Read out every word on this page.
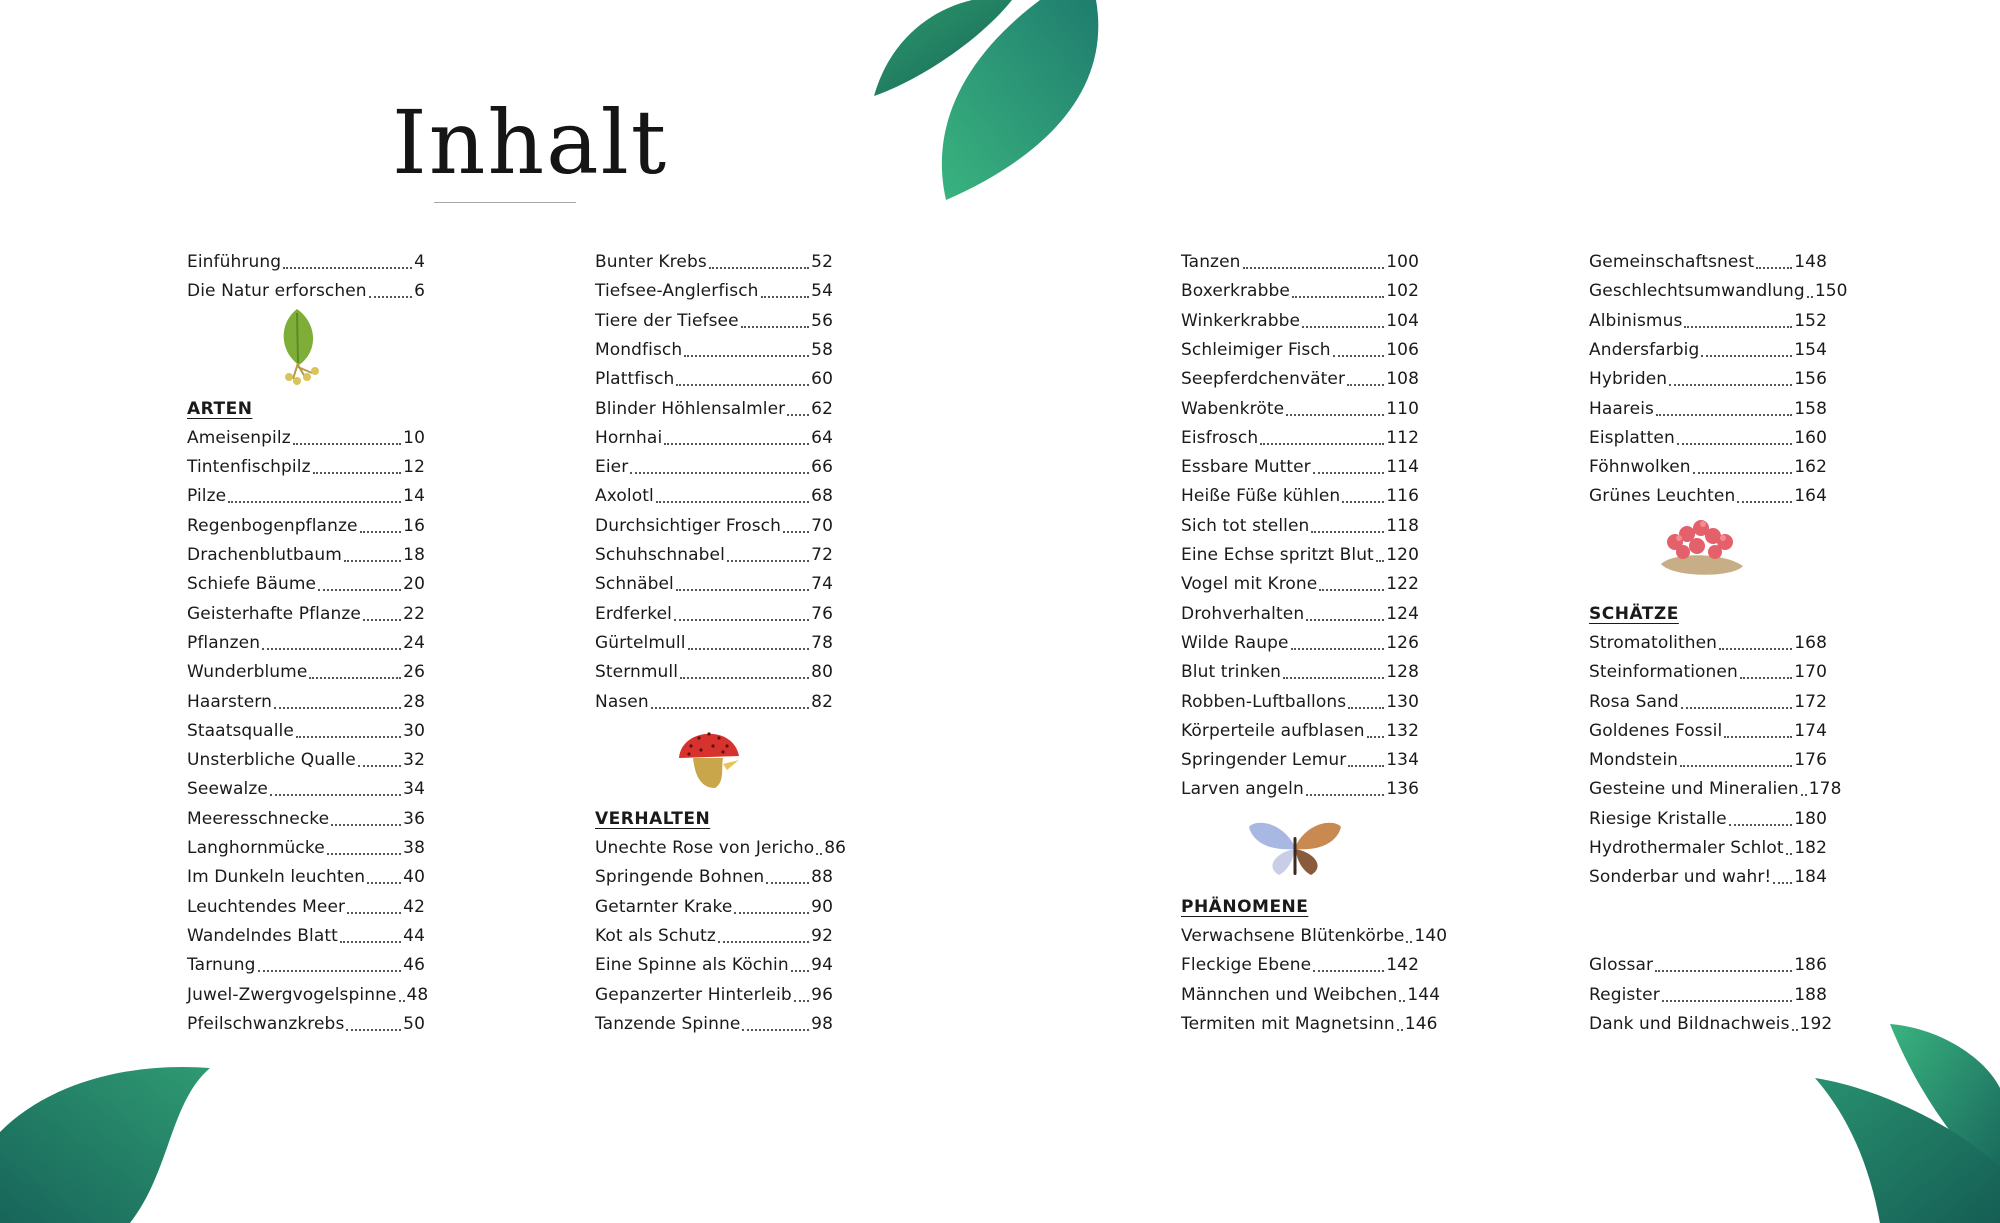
Inhalt
Einführung	4
Die Natur erforschen	6
ARTEN
Ameisenpilz	10
Tintenfischpilz	12
Pilze	14
Regenbogenpflanze	16
Drachenblutbaum	18
Schiefe Bäume	20
Geisterhafte Pflanze 22
Pflanzen	24
Wunderblume	26
Haarstern	28
Staatsqualle	30
Unsterbliche Qualle	32
Seewalze	34
Meeresschnecke	36
Langhornmücke	38
Im Dunkeln leuchten 40
Leuchtendes Meer	42
Wandelndes Blatt	44
Tarnung	46
Juwel-Zwergvogelspinne 48
Pfeilschwanzkrebs	50
Bunter Krebs	52
Tiefsee-Anglerfisch	54
Tiere der Tiefsee	56
Mondfisch	58
Plattfisch	60
Blinder Höhlensalmler 62
Hornhai	64
Eier	66
Axolotl	68
Durchsichtiger Frosch 70
Schuhschnabel	72
Schnäbel	74
Erdferkel	76
Gürtelmull	78
Sternmull	80
Nasen	82
VERHALTEN
Unechte Rose von Jericho 86
Springende Bohnen	88
Getarnter Krake	90
Kot als Schutz	92
Eine Spinne als Köchin 94
Gepanzerter Hinterleib 96
Tanzende Spinne	98
Tanzen	100
Boxerkrabbe	102
Winkerkrabbe	104
Schleimiger Fisch	106
Seepferdchenväter 108
Wabenkröte	110
Eisfrosch	112
Essbare Mutter	114
Heiße Füße kühlen	116
Sich tot stellen	118
Eine Echse spritzt Blut 120
Vogel mit Krone	122
Drohverhalten	124
Wilde Raupe	126
Blut trinken	128
Robben-Luftballons 130
Körperteile aufblasen 132
Springender Lemur 134
Larven angeln	136
PHÄNOMENE
Verwachsene Blütenkörbe 140
Fleckige Ebene	142
Männchen und Weibchen 144
Termiten mit Magnetsinn 146
Gemeinschaftsnest 148
Geschlechtsumwandlung 150
Albinismus	152
Andersfarbig	154
Hybriden	156
Haareis	158
Eisplatten	160
Föhnwolken	162
Grünes Leuchten	164
SCHÄTZE
Stromatolithen	168
Steinformationen	170
Rosa Sand	172
Goldenes Fossil	174
Mondstein	176
Gesteine und Mineralien 178
Riesige Kristalle	180
Hydrothermaler Schlot 182
Sonderbar und wahr! 184
Glossar	186
Register	188
Dank und Bildnachweis 192
